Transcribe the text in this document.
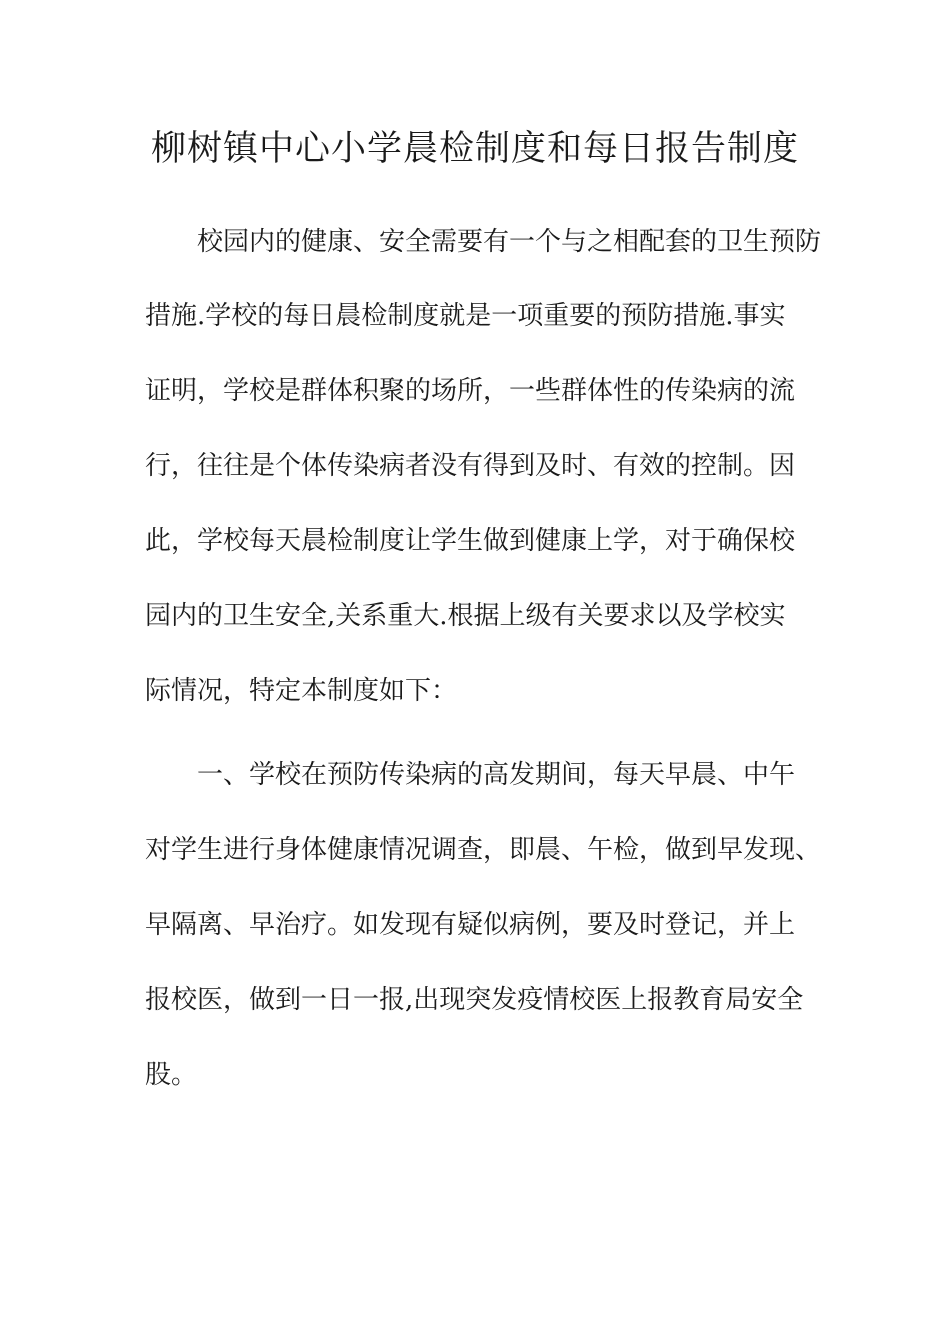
柳树镇中心小学晨检制度和每日报告制度
校园内的健康、安全需要有一个与之相配套的卫生预防
措施.学校的每日晨检制度就是一项重要的预防措施.事实
证明，学校是群体积聚的场所，一些群体性的传染病的流
行，往往是个体传染病者没有得到及时、有效的控制。因
此，学校每天晨检制度让学生做到健康上学，对于确保校
园内的卫生安全,关系重大.根据上级有关要求以及学校实
际情况，特定本制度如下：
一、学校在预防传染病的高发期间，每天早晨、中午
对学生进行身体健康情况调查，即晨、午检，做到早发现、
早隔离、早治疗。如发现有疑似病例，要及时登记，并上
报校医，做到一日一报,出现突发疫情校医上报教育局安全
股。
